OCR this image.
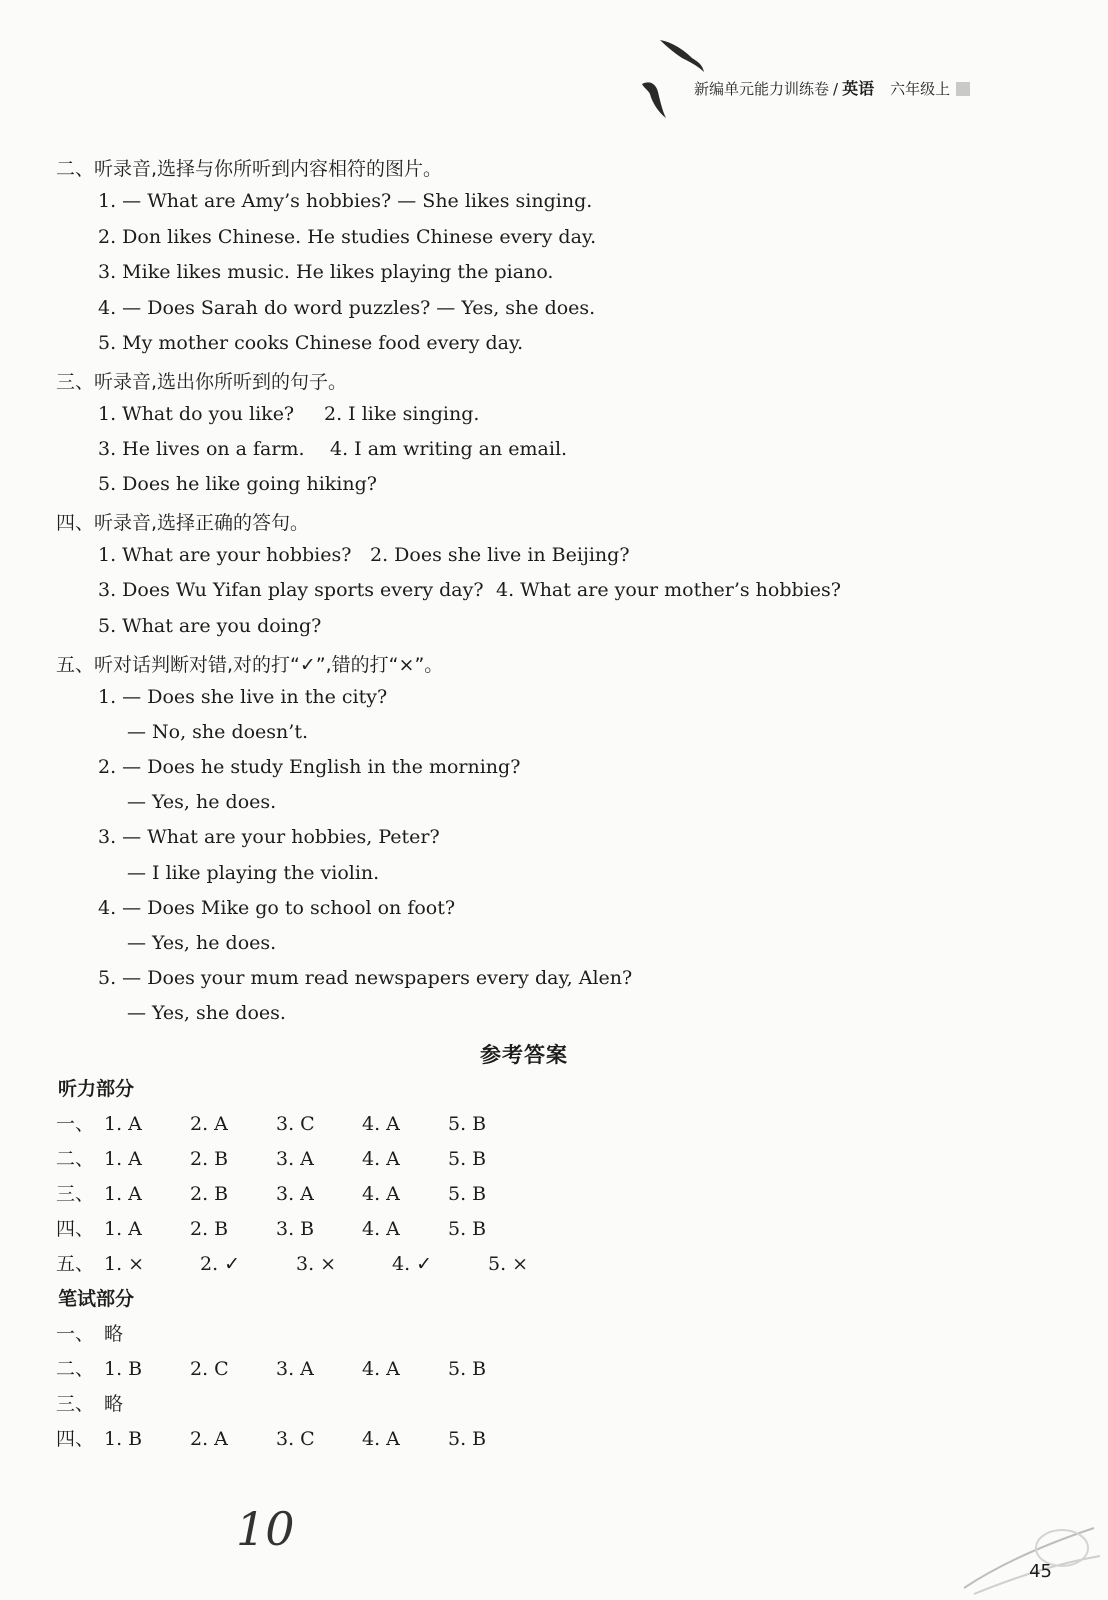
新编单元能力训练卷 / 英语 六年级上
二、听录音,选择与你所听到内容相符的图片。
1. — What are Amy’s hobbies? — She likes singing.
2. Don likes Chinese. He studies Chinese every day.
3. Mike likes music. He likes playing the piano.
4. — Does Sarah do word puzzles? — Yes, she does.
5. My mother cooks Chinese food every day.
三、听录音,选出你所听到的句子。
1. What do you like? 2. I like singing.
3. He lives on a farm. 4. I am writing an email.
5. Does he like going hiking?
四、听录音,选择正确的答句。
1. What are your hobbies? 2. Does she live in Beijing?
3. Does Wu Yifan play sports every day? 4. What are your mother’s hobbies?
5. What are you doing?
五、听对话判断对错,对的打“✓”,错的打“×”。
1. — Does she live in the city?
— No, she doesn’t.
2. — Does he study English in the morning?
— Yes, he does.
3. — What are your hobbies, Peter?
— I like playing the violin.
4. — Does Mike go to school on foot?
— Yes, he does.
5. — Does your mum read newspapers every day, Alen?
— Yes, she does.
参考答案
听力部分
一、 1. A	2. A	3. C 4. A	5. B
二、 1. A	2. B	3. A	4. A	5. B
三、 1. A	2. B	3. A	4. A	5. B
四、 1. A	2. B	3. B	4. A	5. B
五、 1. ×	2. ✓	3. ×	4. ✓	5. ×
笔试部分
一、 略
二、 1. B	2. C 3. A	4. A	5. B
三、 略
四、 1. B	2. A	3. C 4. A	5. B
10
45
